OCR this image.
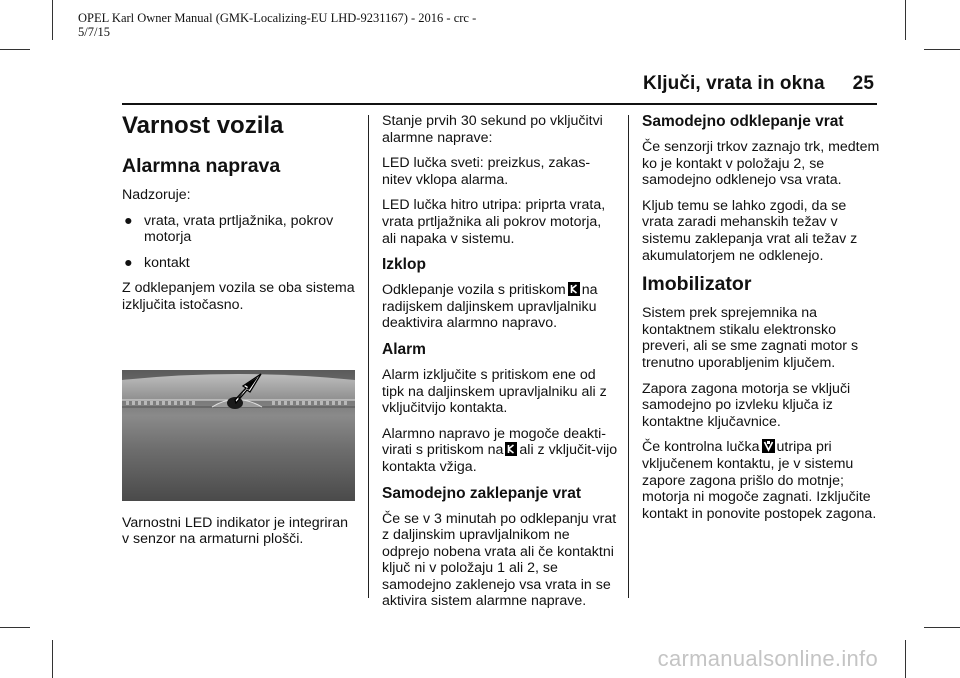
OPEL Karl Owner Manual (GMK-Localizing-EU LHD-9231167) - 2016 - crc -
5/7/15
Ključi, vrata in okna 25
Varnost vozila
Alarmna naprava

Nadzoruje:

● vrata, vrata prtljažnika, pokrov motorja
● kontakt

Z odklepanjem vozila se oba sistema izključita istočasno.

Varnostni LED indikator je integriran v senzor na armaturni plošči.

Stanje prvih 30 sekund po vključitvi alarmne naprave:

LED lučka sveti: preizkus, zakas-nitev vklopa alarma.

LED lučka hitro utripa: priprta vrata, vrata prtljažnika ali pokrov motorja, ali napaka v sistemu.

Izklop

Odklepanje vozila s pritiskom na radijskem daljinskem upravljalniku deaktivira alarmno napravo.

Alarm

Alarm izključite s pritiskom ene od tipk na daljinskem upravljalniku ali z vključitvijo kontakta.

Alarmno napravo je mogoče deakti-virati s pritiskom na ali z vključit-vijo kontakta vžiga.

Samodejno zaklepanje vrat

Če se v 3 minutah po odklepanju vrat z daljinskim upravljalnikom ne odprejo nobena vrata ali če kontaktni ključ ni v položaju 1 ali 2, se samodejno zaklenejo vsa vrata in se aktivira sistem alarmne naprave.

Samodejno odklepanje vrat

Če senzorji trkov zaznajo trk, medtem ko je kontakt v položaju 2, se samodejno odklenejo vsa vrata.

Kljub temu se lahko zgodi, da se vrata zaradi mehanskih težav v sistemu zaklepanja vrat ali težav z akumulatorjem ne odklenejo.

Imobilizator

Sistem prek sprejemnika na kontaktnem stikalu elektronsko preveri, ali se sme zagnati motor s trenutno uporabljenim ključem.

Zapora zagona motorja se vključi samodejno po izvleku ključa iz kontaktne ključavnice.

Če kontrolna lučka utripa pri vključenem kontaktu, je v sistemu zapore zagona prišlo do motnje; motorja ni mogoče zagnati. Izključite kontakt in ponovite postopek zagona.

carmanualsonline.info
